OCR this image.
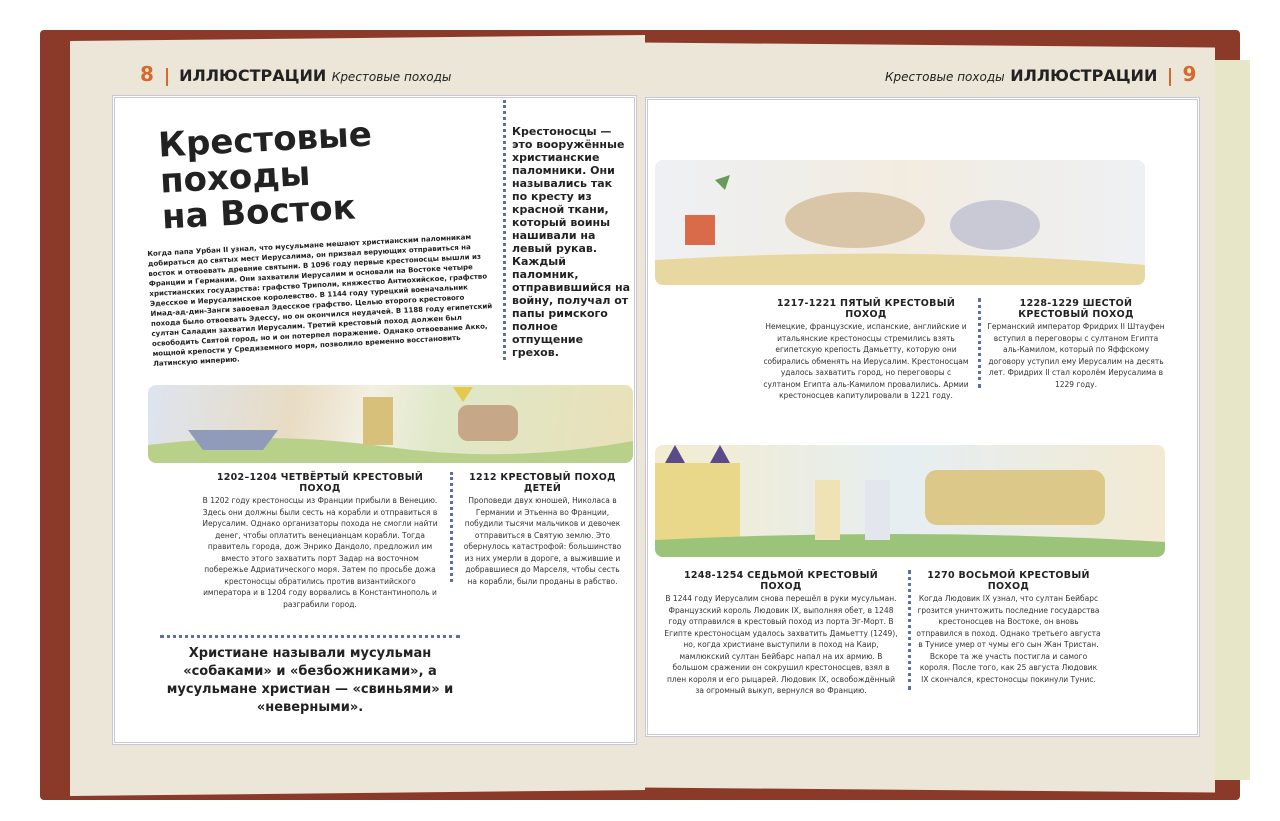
8 ИЛЛЮСТРАЦИИ Крестовые походы	Крестовые походы ИЛЛЮСТРАЦИИ 9
Крестовые
походы
на Восток
Когда папа Урбан II узнал, что мусульмане мешают христианским паломникам добираться до святых мест Иерусалима, он призвал верующих отправиться на восток и отвоевать древние святыни. В 1096 году первые крестоносцы вышли из Франции и Германии. Они захватили Иерусалим и основали на Востоке четыре христианских государства: графство Триполи, княжество Антиохийское, графство Эдесское и Иерусалимское королевство. В 1144 году турецкий военачальник Имад-ад-дин-Занги завоевал Эдесское графство. Целью второго крестового похода было отвоевать Эдессу, но он окончился неудачей. В 1188 году египетский султан Саладин захватил Иерусалим. Третий крестовый поход должен был освободить Святой город, но и он потерпел поражение. Однако отвоевание Акко, мощной крепости у Средиземного моря, позволило временно восстановить Латинскую империю.
Крестоносцы — это вооружённые христианские паломники. Они назывались так по кресту из красной ткани, который воины нашивали на левый рукав. Каждый паломник, отправившийся на войну, получал от папы римского полное отпущение грехов.
1202–1204 ЧЕТВЁРТЫЙ КРЕСТОВЫЙ ПОХОД

В 1202 году крестоносцы из Франции прибыли в Венецию. Здесь они должны были сесть на корабли и отправиться в Иерусалим. Однако организаторы похода не смогли найти денег, чтобы оплатить венецианцам корабли. Тогда правитель города, дож Энрико Дандоло, предложил им вместо этого захватить порт Задар на восточном побережье Адриатического моря. Затем по просьбе дожа крестоносцы обратились против византийского императора и в 1204 году ворвались в Константинополь и разграбили город.

1212 КРЕСТОВЫЙ ПОХОД ДЕТЕЙ

Проповеди двух юношей, Николаса в Германии и Этьенна во Франции, побудили тысячи мальчиков и девочек отправиться в Святую землю. Это обернулось катастрофой: большинство из них умерли в дороге, а выжившие и добравшиеся до Марселя, чтобы сесть на корабли, были проданы в рабство.

Христиане называли мусульман «собаками» и «безбожниками», а мусульмане христиан — «свиньями» и «неверными».
1217-1221 ПЯТЫЙ КРЕСТОВЫЙ ПОХОД

Немецкие, французские, испанские, английские и итальянские крестоносцы стремились взять египетскую крепость Дамьетту, которую они собирались обменять на Иерусалим. Крестоносцам удалось захватить город, но переговоры с султаном Египта аль-Камилом провалились. Армии крестоносцев капитулировали в 1221 году.

1228-1229 ШЕСТОЙ КРЕСТОВЫЙ ПОХОД

Германский император Фридрих II Штауфен вступил в переговоры с султаном Египта аль-Камилом, который по Яффскому договору уступил ему Иерусалим на десять лет. Фридрих II стал королём Иерусалима в 1229 году.

1248-1254 СЕДЬМОЙ КРЕСТОВЫЙ ПОХОД

В 1244 году Иерусалим снова перешёл в руки мусульман. Французский король Людовик IX, выполняя обет, в 1248 году отправился в крестовый поход из порта Эг-Морт. В Египте крестоносцам удалось захватить Дамьетту (1249), но, когда христиане выступили в поход на Каир, мамлюкский султан Бейбарс напал на их армию. В большом сражении он сокрушил крестоносцев, взял в плен короля и его рыцарей. Людовик IX, освобождённый за огромный выкуп, вернулся во Францию.

1270 ВОСЬМОЙ КРЕСТОВЫЙ ПОХОД

Когда Людовик IX узнал, что султан Бейбарс грозится уничтожить последние государства крестоносцев на Востоке, он вновь отправился в поход. Однако третьего августа в Тунисе умер от чумы его сын Жан Тристан. Вскоре та же участь постигла и самого короля. После того, как 25 августа Людовик IX скончался, крестоносцы покинули Тунис.
